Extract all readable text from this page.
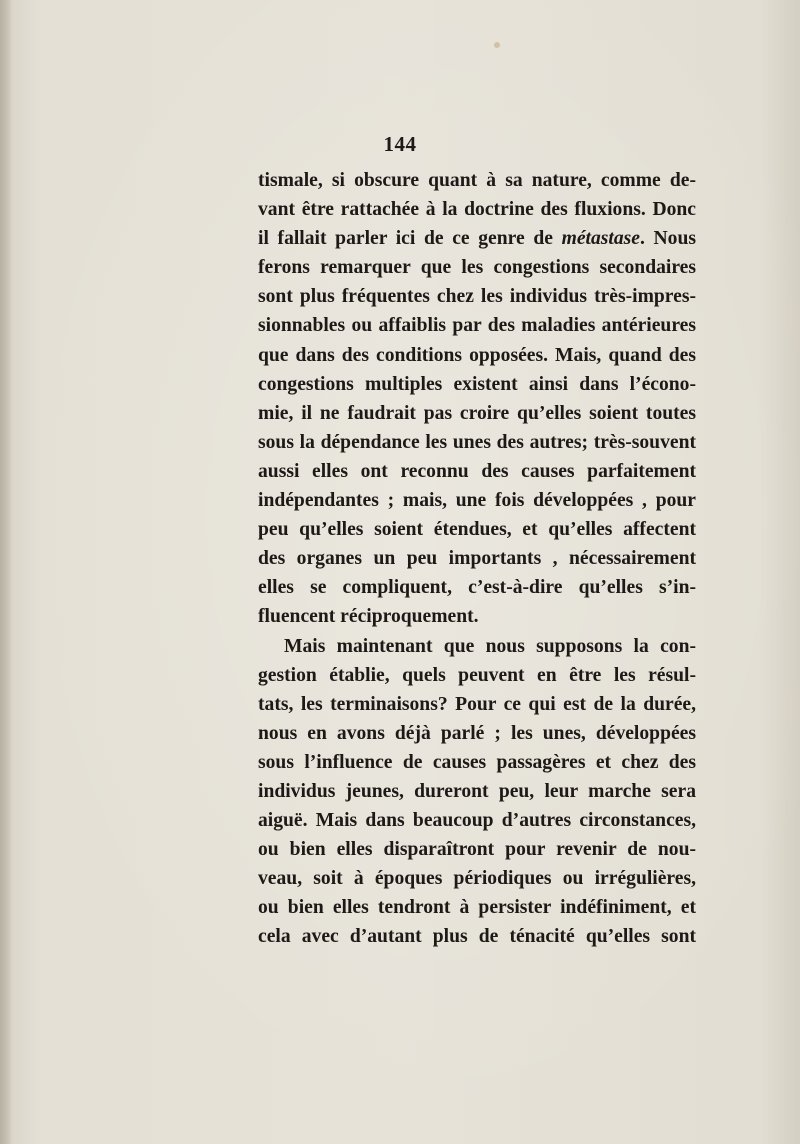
144
tismale, si obscure quant à sa nature, comme de-
vant être rattachée à la doctrine des fluxions. Donc
il fallait parler ici de ce genre de métastase. Nous
ferons remarquer que les congestions secondaires
sont plus fréquentes chez les individus très-impres-
sionnables ou affaiblis par des maladies antérieures
que dans des conditions opposées. Mais, quand des
congestions multiples existent ainsi dans l’écono-
mie, il ne faudrait pas croire qu’elles soient toutes
sous la dépendance les unes des autres; très-souvent
aussi elles ont reconnu des causes parfaitement
indépendantes ; mais, une fois développées , pour
peu qu’elles soient étendues, et qu’elles affectent
des organes un peu importants , nécessairement
elles se compliquent, c’est-à-dire qu’elles s’in-
fluencent réciproquement.
Mais maintenant que nous supposons la con-
gestion établie, quels peuvent en être les résul-
tats, les terminaisons? Pour ce qui est de la durée,
nous en avons déjà parlé ; les unes, développées
sous l’influence de causes passagères et chez des
individus jeunes, dureront peu, leur marche sera
aiguë. Mais dans beaucoup d’autres circonstances,
ou bien elles disparaîtront pour revenir de nou-
veau, soit à époques périodiques ou irrégulières,
ou bien elles tendront à persister indéfiniment, et
cela avec d’autant plus de ténacité qu’elles sont
